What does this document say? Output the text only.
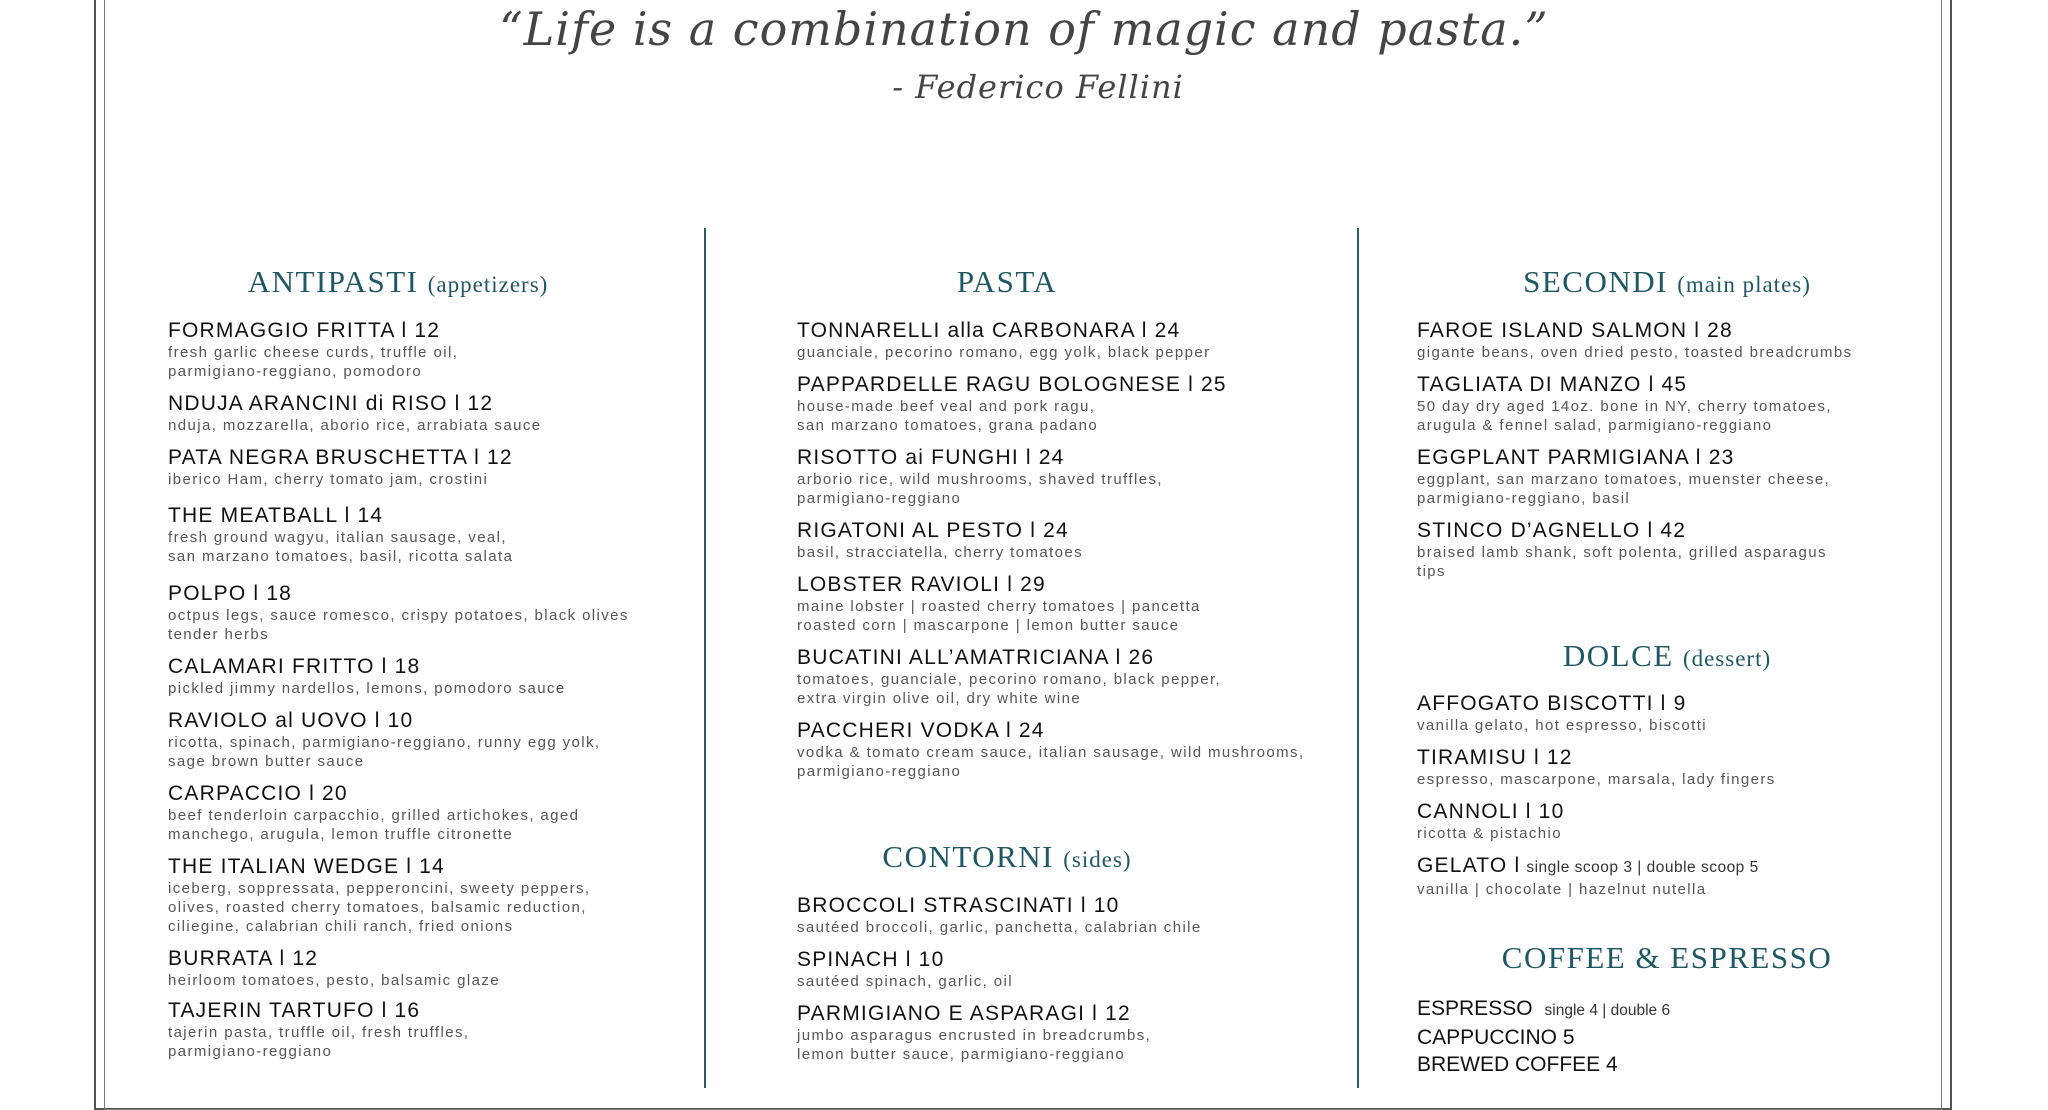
“Life is a combination of magic and pasta.”
- Federico Fellini
ANTIPASTI (appetizers)
FORMAGGIO FRITTA l 12
fresh garlic cheese curds, truffle oil,
parmigiano-reggiano, pomodoro
NDUJA ARANCINI di RISO l 12
nduja, mozzarella, aborio rice, arrabiata sauce
PATA NEGRA BRUSCHETTA l 12
iberico Ham, cherry tomato jam, crostini
THE MEATBALL l 14
fresh ground wagyu, italian sausage, veal,
san marzano tomatoes, basil, ricotta salata
POLPO l 18
octpus legs, sauce romesco, crispy potatoes, black olives
tender herbs
CALAMARI FRITTO l 18
pickled jimmy nardellos, lemons, pomodoro sauce
RAVIOLO al UOVO l 10
ricotta, spinach, parmigiano-reggiano, runny egg yolk,
sage brown butter sauce
CARPACCIO l 20
beef tenderloin carpacchio, grilled artichokes, aged
manchego, arugula, lemon truffle citronette
THE ITALIAN WEDGE l 14
iceberg, soppressata, pepperoncini, sweety peppers,
olives, roasted cherry tomatoes, balsamic reduction,
ciliegine, calabrian chili ranch, fried onions
BURRATA l 12
heirloom tomatoes, pesto, balsamic glaze
TAJERIN TARTUFO l 16
tajerin pasta, truffle oil, fresh truffles,
parmigiano-reggiano
PASTA
TONNARELLI alla CARBONARA l 24
guanciale, pecorino romano, egg yolk, black pepper
PAPPARDELLE RAGU BOLOGNESE l 25
house-made beef veal and pork ragu,
san marzano tomatoes, grana padano
RISOTTO ai FUNGHI l 24
arborio rice, wild mushrooms, shaved truffles,
parmigiano-reggiano
RIGATONI AL PESTO l 24
basil, stracciatella, cherry tomatoes
LOBSTER RAVIOLI l 29
maine lobster | roasted cherry tomatoes | pancetta
roasted corn | mascarpone | lemon butter sauce
BUCATINI ALL’AMATRICIANA l 26
tomatoes, guanciale, pecorino romano, black pepper,
extra virgin olive oil, dry white wine
PACCHERI VODKA l 24
vodka & tomato cream sauce, italian sausage, wild mushrooms,
parmigiano-reggiano
CONTORNI (sides)
BROCCOLI STRASCINATI l 10
sautéed broccoli, garlic, panchetta, calabrian chile
SPINACH l 10
sautéed spinach, garlic, oil
PARMIGIANO E ASPARAGI l 12
jumbo asparagus encrusted in breadcrumbs,
lemon butter sauce, parmigiano-reggiano
SECONDI (main plates)
FAROE ISLAND SALMON l 28
gigante beans, oven dried pesto, toasted breadcrumbs
TAGLIATA DI MANZO l 45
50 day dry aged 14oz. bone in NY, cherry tomatoes,
arugula & fennel salad, parmigiano-reggiano
EGGPLANT PARMIGIANA l 23
eggplant, san marzano tomatoes, muenster cheese,
parmigiano-reggiano, basil
STINCO D’AGNELLO l 42
braised lamb shank, soft polenta, grilled asparagus
tips
DOLCE (dessert)
AFFOGATO BISCOTTI l 9
vanilla gelato, hot espresso, biscotti
TIRAMISU l 12
espresso, mascarpone, marsala, lady fingers
CANNOLI l 10
ricotta & pistachio
GELATO l single scoop 3 | double scoop 5
vanilla | chocolate | hazelnut nutella
COFFEE & ESPRESSO
ESPRESSO single 4 | double 6
CAPPUCCINO 5
BREWED COFFEE 4
